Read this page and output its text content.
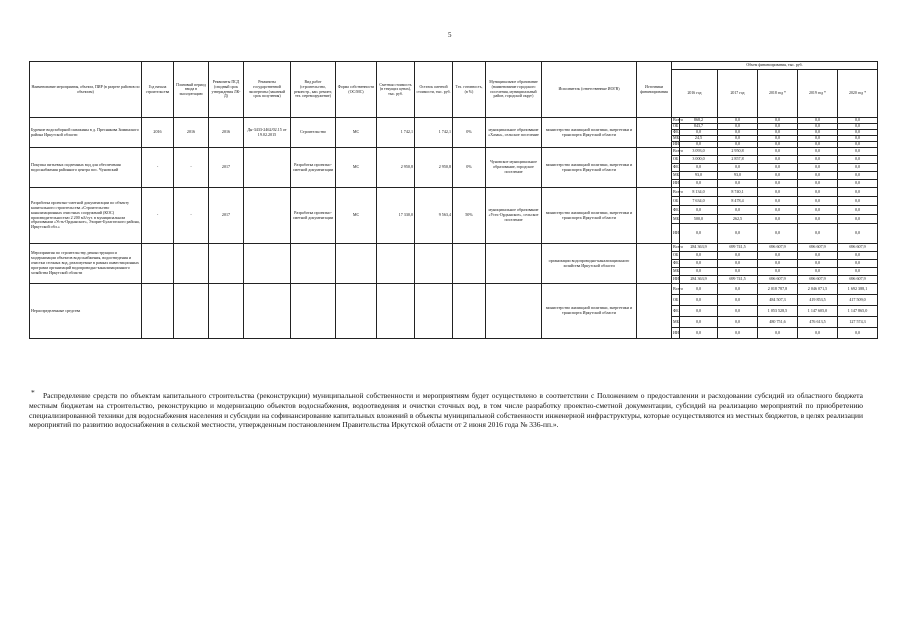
5
Наименование мероприятия, объекта, ПИР (в разрезе районов по объектам)	Год начала строительства	Плановый период ввода в эксплуатацию	Реквизиты ПСД (сводный срок утверждения ЛК-Д)	Реквизиты государственной экспертизы (заказный срок получения)	Вид работ (строительство, реконстр., кап. ремонт, тех. перевооружение)	Форма собственности (ОС/МС)	Сметная стоимость (в текущих ценах), тыс. руб.	Остаток сметной стоимости, тыс. руб.	Тех. готовность, (в %)	Муниципальное образование (наименование городского поселения, муниципальный район, городской округ)	Исполнитель (ответственные ИОГВ)	Источники финансирования	Объем финансирования, тыс. руб.					
													2016 год		2017 год	2018 год *	2019 год *	2020 год *
Бурение водозаборной скважины в д. Преснякова Зиминского района Иркутской области	2016	2016	2016	Дн-3433-2462/02.15 от 19.02.2015	Строительство	МС	1 742,1	1 742,1	0%	муниципальное образование «Хазан», сельское поселение	министерство жилищной политики, энергетики и транспорта Иркутской области		Всего	868,2	0,0	0,0	0,0	0,0
													ОБ	843,7	0,0	0,0	0,0	0,0
													ФБ	0,0	0,0	0,0	0,0	0,0
													МБ	24,5	0,0	0,0	0,0	0,0
													ИИ	0,0	0,0	0,0	0,0	0,0
Покупка питьевых подземных вод для обеспечения водоснабжения районного центра пос. Чуновский	-	-	2017		Разработка проектно-сметной документации	МС	2 950,8	2 950,8	0%	Чуновское муниципальное образование, городское поселение	министерство жилищной политики, энергетики и транспорта Иркутской области		Всего	3 093,0	2 950,8	0,0	0,0	0,0
													ОБ	3 000,0	2 857,8	0,0	0,0	0,0
													ФБ	0,0	0,0	0,0	0,0	0,0
													МБ	93,0	93,0	0,0	0,0	0,0
													ИИ	0,0	0,0	0,0	0,0	0,0
Разработка проектно-сметной документации по объекту капитального строительства «Строительство канализационных очистных сооружений (КОС) производительностью 2 200 м3/сут. в муниципальном образовании «Усть-Ордынское», Эхирит-Булагатского района, Иркутской обл.»	-	-	2017		Разработка проектно-сметной документации	МС	17 330,0	9 563,4	50%	муниципальное образование «Усть-Ордынское», сельское поселение	министерство жилищной политики, энергетики и транспорта Иркутской области		Всего	8 134,0	8 740,1	0,0	0,0	0,0
													ОБ	7 634,0	8 478,4	0,0	0,0	0,0
													ФБ	0,0	0,0	0,0	0,0	0,0
													МБ	500,0	262,5	0,0	0,0	0,0
													ИИ	0,0	0,0	0,0	0,0	0,0
Мероприятия по строительству, реконструкции и модернизации объектов водоснабжения, водоотведения и очистки сточных вод, реализуемые в рамках инвестиционных программ организаций водопроводно-канализационного хозяйства Иркутской области											организации водопроводно-канализационного хозяйства Иркутской области		Всего	284 363,9	699 741,5	696 607,9	696 607,9	696 607,9
													ОБ	0,0	0,0	0,0	0,0	0,0
													ФБ	0,0	0,0	0,0	0,0	0,0
													МБ	0,0	0,0	0,0	0,0	0,0
													ИИ	284 363,9	699 741,5	696 607,9	696 607,9	696 607,9
Нераспределенные средства											министерство жилищной политики, энергетики и транспорта Иркутской области		Всего	0,0	0,0	2 018 787,8	2 046 071,5	1 692 388,1
													ОБ	0,0	0,0	484 507,3	419 853,5	417 509,0
													ФБ	0,0	0,0	1 053 528,5	1 147 605,0	1 147 865,0
													МБ	0,0	0,0	480 751,6	476 613,5	127 574,3
													ИИ	0,0	0,0	0,0	0,0	0,0
*	Распределение средств по объектам капитального строительства (реконструкции) муниципальной собственности и мероприятиям будет осуществлено в соответствии с Положением о предоставлении и расходовании субсидий из областного бюджета местным бюджетам на строительство, реконструкцию и модернизацию объектов водоснабжения, водоотведения и очистки сточных вод, в том числе разработку проектно-сметной документации, субсидий на реализацию мероприятий по приобретению специализированной техники для водоснабжения населения и субсидии на софинансирование капитальных вложений в объекты муниципальной собственности инженерной инфраструктуры, которые осуществляются из местных бюджетов, в целях реализации мероприятий по развитию водоснабжения в сельской местности, утвержденным постановлением Правительства Иркутской области от 2 июня 2016 года № 336-пп.».
